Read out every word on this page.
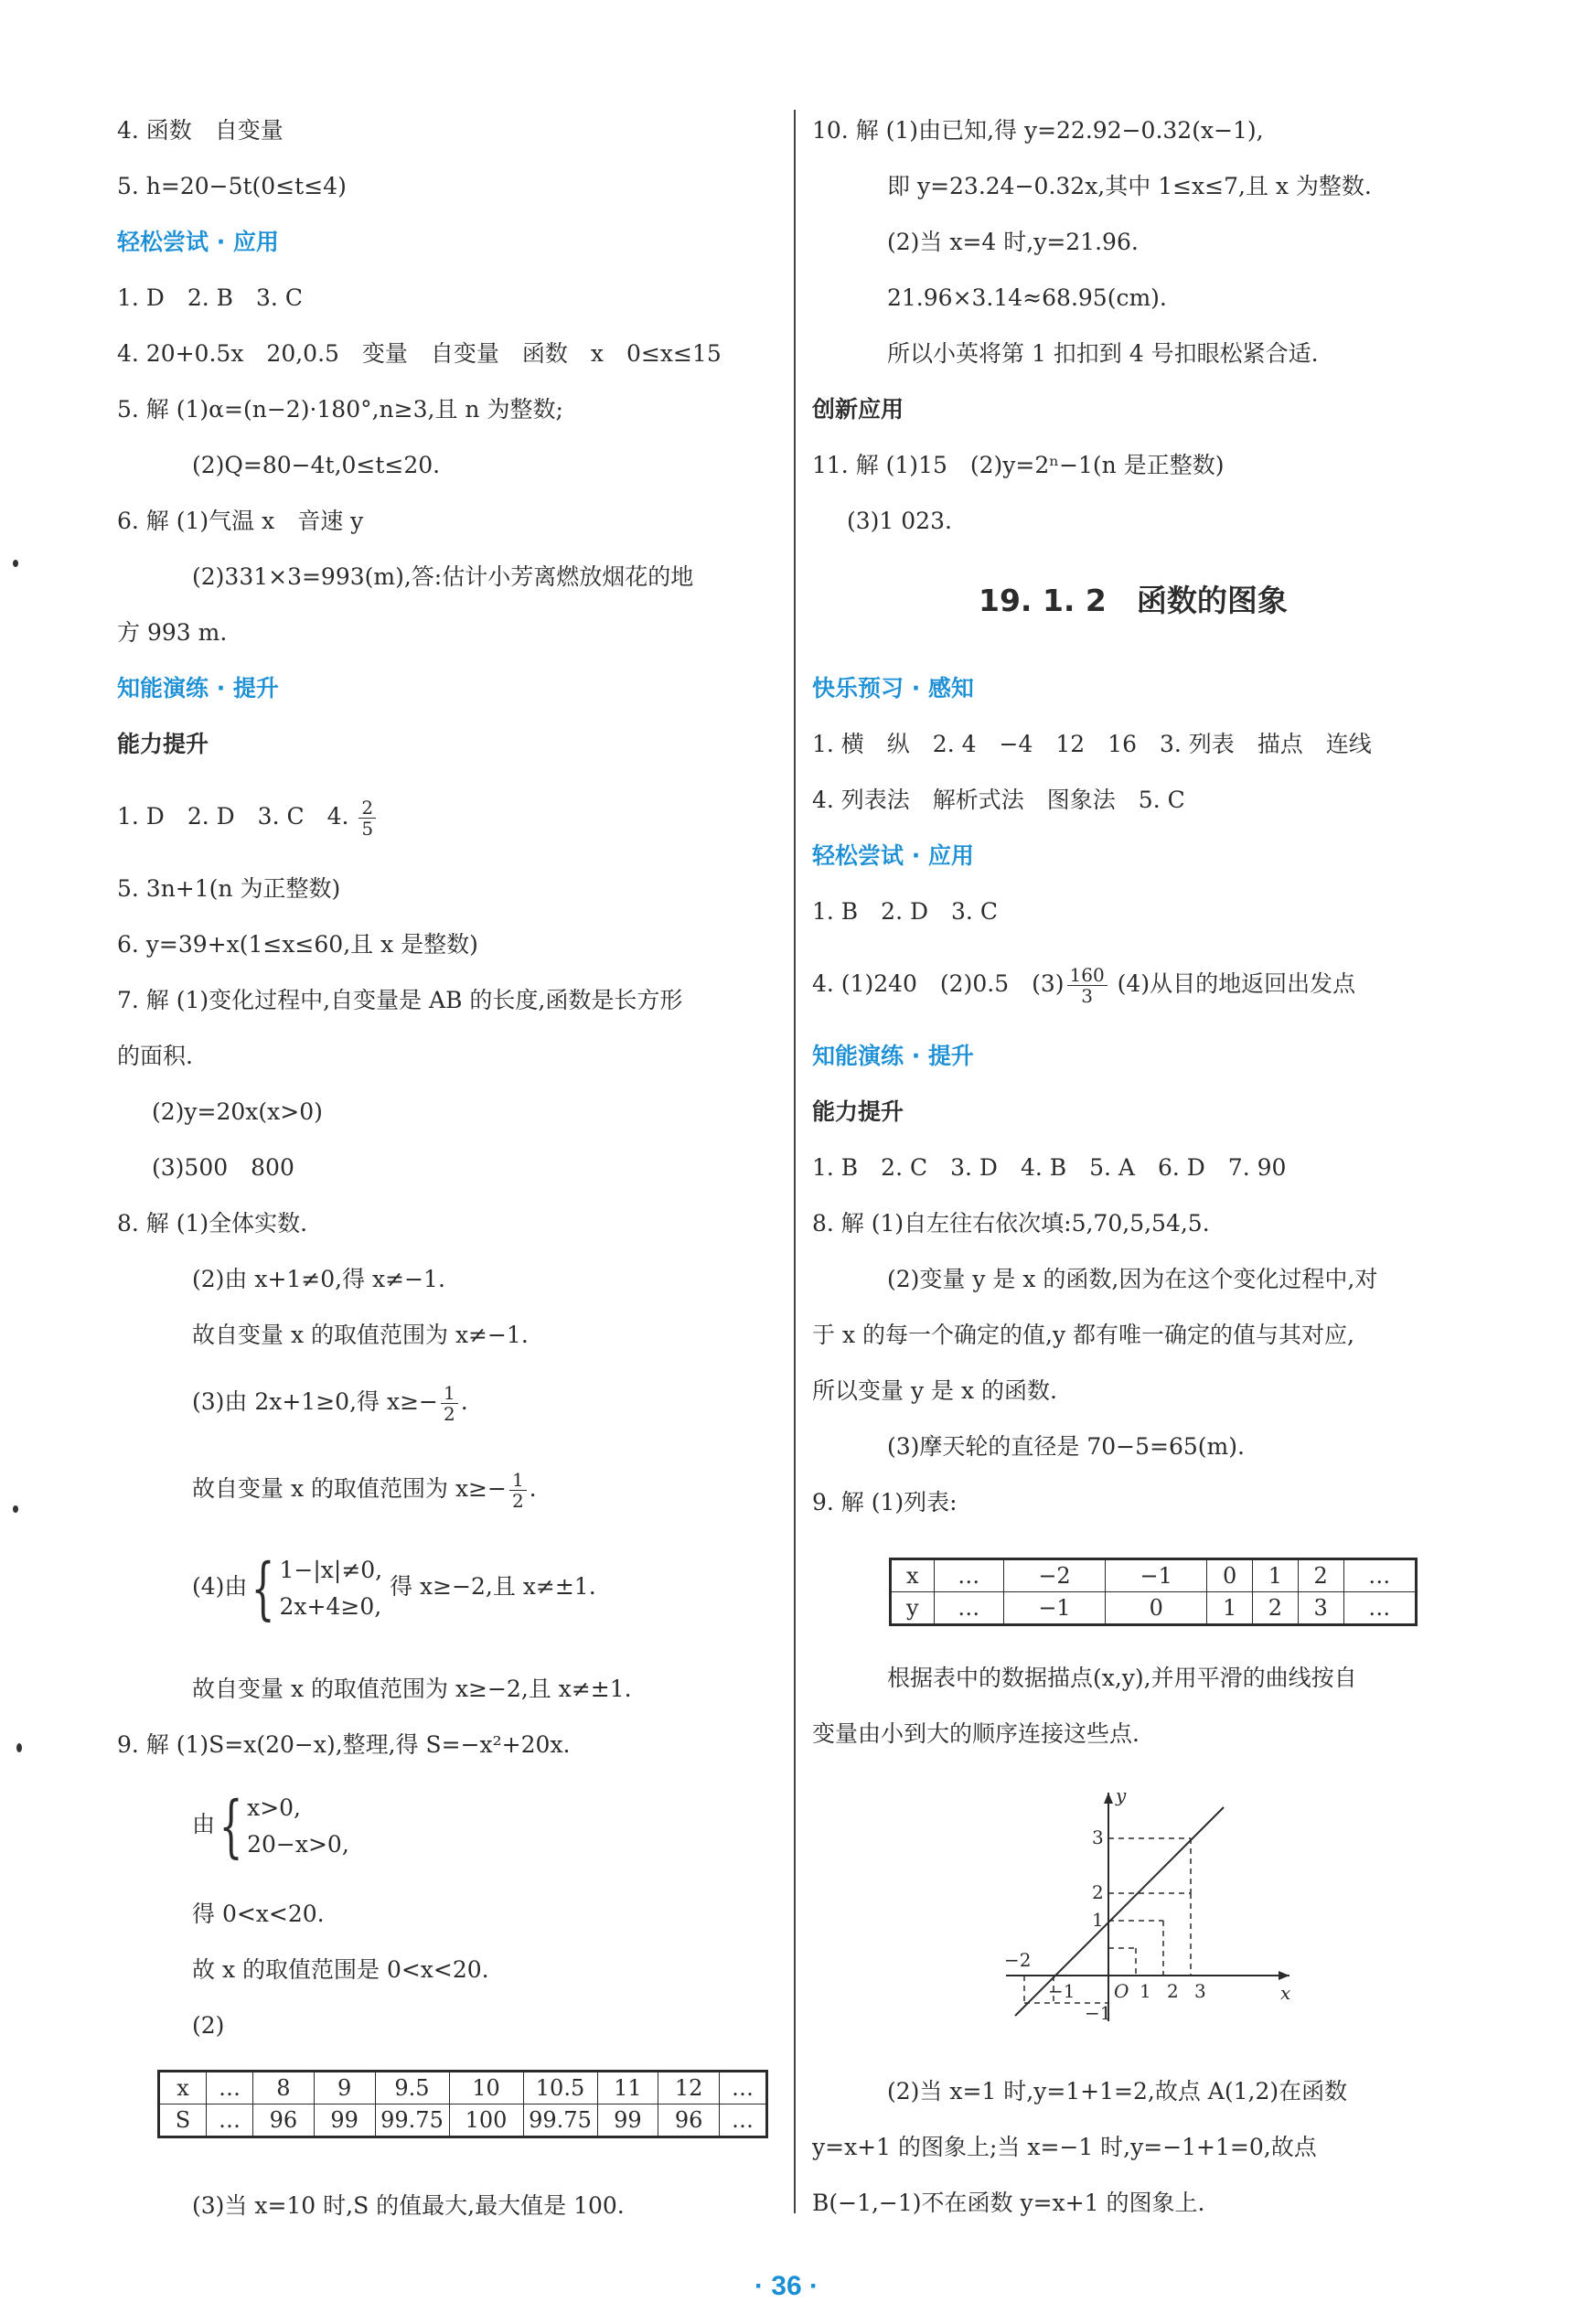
4. 函数　自变量
5. h=20−5t(0≤t≤4)
轻松尝试 · 应用
1. D　2. B　3. C
4. 20+0.5x　20,0.5　变量　自变量　函数　x　0≤x≤15
5. 解 (1)α=(n−2)·180°,n≥3,且 n 为整数;
(2)Q=80−4t,0≤t≤20.
6. 解 (1)气温 x　音速 y
(2)331×3=993(m),答:估计小芳离燃放烟花的地
方 993 m.
知能演练 · 提升
能力提升
1. D　2. D　3. C　4. $\frac{2}{5}$
5. 3n+1(n 为正整数)
6. y=39+x(1≤x≤60,且 x 是整数)
7. 解 (1)变化过程中,自变量是 AB 的长度,函数是长方形
的面积.
(2)y=20x(x>0)
(3)500　800
8. 解 (1)全体实数.
(2)由 x+1≠0,得 x≠−1.
故自变量 x 的取值范围为 x≠−1.
(3)由 2x+1≥0,得 $x\ge- \frac{1}{2}$ .
故自变量 x 的取值范围为 $x\ge- \frac{1}{2}$ .
(4)由{ 1−|x|≠0,
2x+4≥0,
得 x≥−2,且 x≠±1.
故自变量 x 的取值范围为 x≥−2,且 x≠±1.
9. 解 (1)S=x(20−x),整理,得 S=−x²+20x.
由{ x>0,
20−x>0,
得 0<x<20.
故 x 的取值范围是 0<x<20.
(2)
(3)当 x=10 时,S 的值最大,最大值是 100.
x	…	8	9	9.5	10	10.5	11	12	…
S	…	96	99	99.75	100	99.75	99	96	…
10. 解 (1)由已知,得 y=22.92−0.32(x−1),
即 y=23.24−0.32x,其中 1≤x≤7,且 x 为整数.
(2)当 x=4 时,y=21.96.
21.96×3.14≈68.95(cm).
所以小英将第 1 扣扣到 4 号扣眼松紧合适.
创新应用
11. 解 (1)15　(2)y=2ⁿ−1(n 是正整数)
(3)1 023.
19. 1. 2　函数的图象
快乐预习 · 感知
1. 横　纵　2. 4　−4　12　16　3. 列表　描点　连线
4. 列表法　解析式法　图象法　5. C
轻松尝试 · 应用
1. B　2. D　3. C
4. (1)240　(2)0.5　$(3) \frac{160}{3} (4)$从目的地返回出发点
知能演练 · 提升
能力提升
1. B　2. C　3. D　4. B　5. A　6. D　7. 90
8. 解 (1)自左往右依次填:5,70,5,54,5.
(2)变量 y 是 x 的函数,因为在这个变化过程中,对
于 x 的每一个确定的值,y 都有唯一确定的值与其对应,
所以变量 y 是 x 的函数.
(3)摩天轮的直径是 70−5=65(m).
9. 解 (1)列表:
根据表中的数据描点(x,y),并用平滑的曲线按自
变量由小到大的顺序连接这些点.
(2)当 x=1 时,y=1+1=2,故点 A(1,2)在函数
y=x+1 的图象上;当 x=−1 时,y=−1+1=0,故点
B(−1,−1)不在函数 y=x+1 的图象上.
x	…	−2	−1	0	1	2	…
y	…	−1	0	1	2	3	…
y
x
O
−2
−1	1 2 3
3
2
1
−1
· 36 ·
